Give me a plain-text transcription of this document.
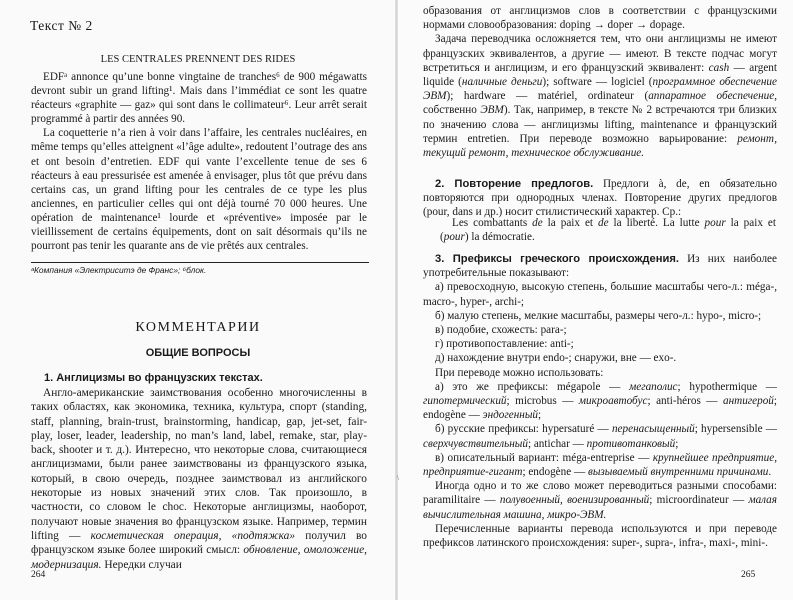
Текст № 2
LES CENTRALES PRENNENT DES RIDES

EDFᵃ annonce qu’une bonne vingtaine de tranches⁶ de 900 mégawatts devront subir un grand lifting¹. Mais dans l’immédiat ce sont les quatre réacteurs «graphite — gaz» qui sont dans le collimateur⁶. Leur arrêt serait programmé à partir des années 90.

La coquetterie n’a rien à voir dans l’affaire, les centrales nucléaires, en même temps qu’elles atteignent «l’âge adulte», redoutent l’outrage des ans et ont besoin d’entretien. EDF qui vante l’excellente tenue de ses 6 réacteurs à eau pressurisée est amenée à envisager, plus tôt que prévu dans certains cas, un grand lifting pour les centrales de ce type les plus anciennes, en particulier celles qui ont déjà tourné 70 000 heures. Une opération de maintenance¹ lourde et «préventive» imposée par le vieillissement de certains équipements, dont on sait désormais qu’ils ne pourront pas tenir les quarante ans de vie prêtés aux centrales.

ᵃКомпания «Электриситэ де Франс»; ⁶блок.
КОММЕНТАРИИ
ОБЩИЕ ВОПРОСЫ
1. Англицизмы во французских текстах.

Англо-американские заимствования особенно многочисленны в таких областях, как экономика, техника, культура, спорт (standing, staff, planning, brain-trust, brainstorming, handicap, gap, jet-set, fair-play, loser, leader, leadership, no man’s land, label, remake, star, play-back, shooter и т. д.). Интересно, что некоторые слова, считающиеся англицизмами, были ранее заимствованы из французского языка, который, в свою очередь, позднее заимствовал из английского некоторые из новых значений этих слов. Так произошло, в частности, со словом le choc. Некоторые англицизмы, наоборот, получают новые значения во французском языке. Например, термин lifting — косметическая операция, «подтяжка» получил во французском языке более широкий смысл: обновление, омоложение, модернизация. Нередки случаи

264

образования от англицизмов слов в соответствии с французскими нормами словообразования: doping → doper → dopage.

Задача переводчика осложняется тем, что они англицизмы не имеют французских эквивалентов, а другие — имеют. В тексте подчас могут встретиться и англицизм, и его французский эквивалент: cash — argent liquide (наличные деньги); software — logiciel (программное обеспечение ЭВМ); hardware — matériel, ordinateur (аппаратное обеспечение, собственно ЭВМ). Так, например, в тексте № 2 встречаются три близких по значению слова — англицизмы lifting, maintenance и французский термин entretien. При переводе возможно варьирование: ремонт, текущий ремонт, техническое обслуживание.

2. Повторение предлогов. Предлоги à, de, en обязательно повторяются при однородных членах. Повторение других предлогов (pour, dans и др.) носит стилистический характер. Ср.:

Les combattants de la paix et de la liberté. La lutte pour la paix et (pour) la démocratie.

3. Префиксы греческого происхождения. Из них наиболее употребительные показывают:

а) превосходную, высокую степень, большие масштабы чего-л.: méga-, macro-, hyper-, archi-;

б) малую степень, мелкие масштабы, размеры чего-л.: hypo-, micro-;

в) подобие, схожесть: para-;

г) противопоставление: anti-;

д) нахождение внутри endo-; снаружи, вне — exo-.

При переводе можно использовать:

а) это же префиксы: mégapole — мегаполис; hypothermique — гипотермический; microbus — микроавтобус; anti-héros — антигерой; endogène — эндогенный;

б) русские префиксы: hypersaturé — перенасыщенный; hypersensible — сверхчувствительный; antichar — противотанковый;

в) описательный вариант: méga-entreprise — крупнейшее предприятие, предприятие-гигант; endogène — вызываемый внутренними причинами.

Иногда одно и то же слово может переводиться разными способами: paramilitaire — полувоенный, военизированный; microordinateur — малая вычислительная машина, микро-ЭВМ.

Перечисленные варианты перевода используются и при переводе префиксов латинского происхождения: super-, supra-, infra-, maxi-, mini-.

\
265
